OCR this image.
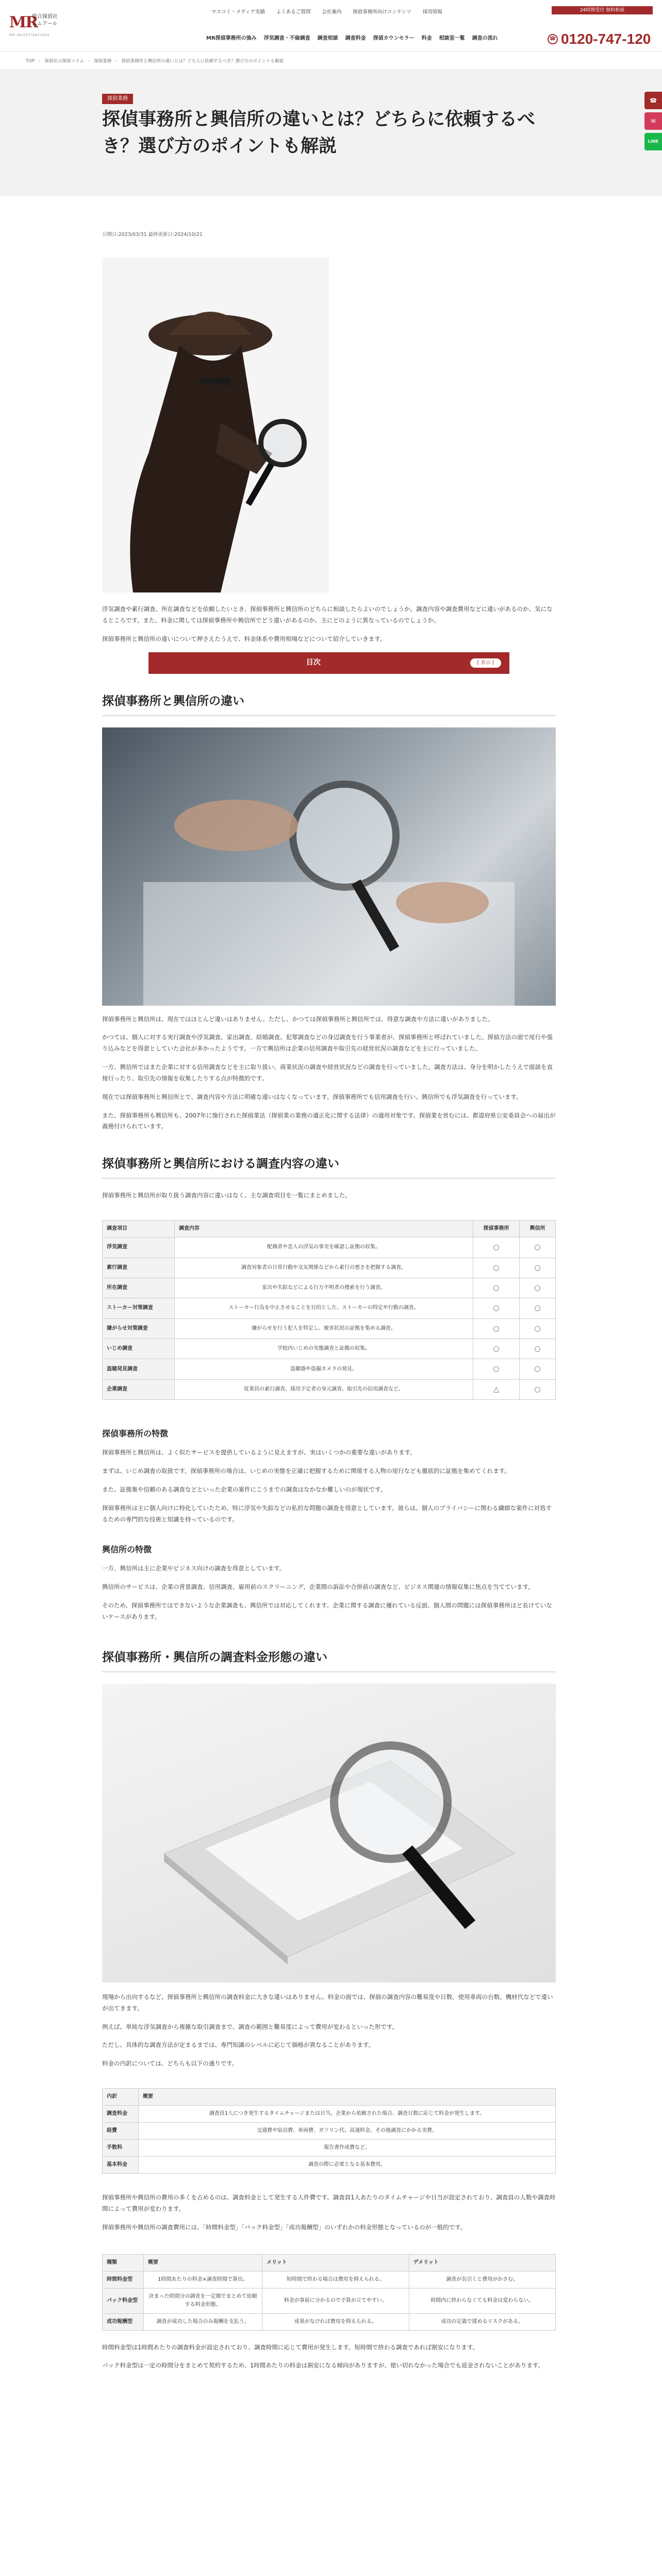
MR
総合探偵社
エムアール
MR INVESTIGATIONS
マスコミ・メディア実績 よくあるご質問 会社案内 探偵事務所向けコンテンツ 採用情報
MR探偵事務所の強み 浮気調査・不倫調査 調査相談 調査料金 探偵カウンセラー 料金 相談室一覧 調査の流れ
24時間受付 無料相談
☎ 0120-747-120
TOP › 探偵社の探偵コラム › 探偵業務 › 探偵事務所と興信所の違いとは？どちらに依頼するべき？選び方のポイントも解説
探偵業務
探偵事務所と興信所の違いとは？どちらに依頼するべき？選び方のポイントも解説
公開日:2023/03/31 最終更新日:2024/10/21
☎
✉
LINE

浮気調査や素行調査、所在調査などを依頼したいとき、探偵事務所と興信所のどちらに相談したらよいのでしょうか。調査内容や調査費用などに違いがあるのか、気になるところです。また、料金に関しては探偵事務所や興信所でどう違いがあるのか、主にどのように異なっているのでしょうか。

探偵事務所と興信所の違いについて押さえたうえで、料金体系や費用相場などについて紹介していきます。

目次	[ 表示 ]
探偵事務所と興信所の違い

探偵事務所と興信所は、現在ではほとんど違いはありません。ただし、かつては探偵事務所と興信所では、得意な調査や方法に違いがありました。

かつては、個人に対する実行調査や浮気調査、家出調査、結婚調査、犯罪調査などの身辺調査を行う事業者が、探偵事務所と呼ばれていました。探偵方法の面で尾行や張り込みなどを得意としていた会社が多かったようです。一方で興信所は企業の信用調査や取引先の経営状況の調査などを主に行っていました。

一方、興信所ではまた企業に対する信用調査などを主に取り扱い、商業状況の調査や経営状況などの調査を行っていました。調査方法は、身分を明かしたうえで面談を直接行ったり、取引先の情報を収集したりする点が特徴的です。

現在では探偵事務所と興信所とで、調査内容や方法に明確な違いはなくなっています。探偵事務所でも信用調査を行い、興信所でも浮気調査を行っています。

また、探偵事務所も興信所も、2007年に施行された探偵業法（探偵業の業務の適正化に関する法律）の適用対象です。探偵業を営むには、都道府県公安委員会への届出が義務付けられています。

探偵事務所と興信所における調査内容の違い

探偵事務所と興信所が取り扱う調査内容に違いはなく、主な調査項目を一覧にまとめました。

調査項目	調査内容	探偵事務所	興信所
浮気調査	配偶者や恋人の浮気の事実を確認し証拠の収集。	○	○
素行調査	調査対象者の日常行動や交友関係などから素行の悪さを把握する調査。	○	○
所在調査	家出や失踪などによる行方不明者の捜索を行う調査。	○	○
ストーカー対策調査	ストーカー行為を中止させることを目的とした、ストーカーの特定や行動の調査。	○	○
嫌がらせ対策調査	嫌がらせを行う犯人を特定し、被害状況の証拠を集める調査。	○	○
いじめ調査	学校内いじめの実態調査と証拠の収集。	○	○
盗聴発見調査	盗聴器や盗撮カメラの発見。	○	○
企業調査	従業員の素行調査、採用予定者の身元調査、取引先の信用調査など。	△	○
探偵事務所の特徴

探偵事務所と興信所は、よく似たサービスを提供しているように見えますが、実はいくつかの重要な違いがあります。

まずは、いじめ調査の取扱です。探偵事務所の場合は、いじめの実態を正確に把握するために関係する人物の尾行なども徹底的に証拠を集めてくれます。

また、証拠集や信頼のある調査などといった企業の案件にこうまでの調査はなかなか難しいのが現状です。

探偵事務所は主に個人向けに特化していたため、特に浮気や失踪などの私的な問題の調査を得意としています。彼らは、個人のプライバシーに関わる繊細な案件に対処するための専門的な技術と知識を持っているのです。

興信所の特徴

一方、興信所は主に企業やビジネス向けの調査を得意としています。

興信所のサービスは、企業の背景調査、信用調査、雇用前のスクリーニング、企業間の訴訟や合併前の調査など、ビジネス関連の情報収集に焦点を当てています。

そのため、探偵事務所ではできないような企業調査も、興信所では対応してくれます。企業に関する調査に優れている反面、個人間の問題には探偵事務所ほど長けていないケースがあります。

探偵事務所・興信所の調査料金形態の違い

現場から出向するなど、探偵事務所と興信所の調査料金に大きな違いはありません。料金の面では、探偵の調査内容の難易度や日数、使用車両の台数、機材代などで違いが出てきます。

例えば、単純な浮気調査から複雑な取引調査まで、調査の範囲と難易度によって費用が変わるといった形です。

ただし、具体的な調査方法が定まるまでは、専門知識のレベルに応じて価格が異なることがあります。

料金の内訳については、どちらも以下の通りです。

内訳	概要
調査料金	調査員1人につき発生するタイムチャージまたは日当。企業から依頼された場合、調査日数に応じて料金が発生します。
経費	交通費や宿泊費、車両費、ガソリン代、高速料金、その他調査にかかる実費。
手数料	報告書作成費など。
基本料金	調査の際に必要となる基本費用。

探偵事務所や興信所の費用の多くを占めるのは、調査料金として発生する人件費です。調査員1人あたりのタイムチャージや日当が設定されており、調査員の人数や調査時間によって費用が変わります。

探偵事務所や興信所の調査費用には、「時間料金型」「パック料金型」「成功報酬型」のいずれかの料金形態となっているのが一般的です。

種類	概要	メリット	デメリット
時間料金型	1時間あたりの料金×調査時間で算出。	短時間で終わる場合は費用を抑えられる。	調査が長引くと費用がかさむ。
パック料金型	決まった時間分の調査を一定額でまとめて依頼する料金形態。	料金が事前に分かるので予算が立てやすい。	時間内に終わらなくても料金は変わらない。
成功報酬型	調査が成功した場合のみ報酬を支払う。	成果がなければ費用を抑えられる。	成功の定義で揉めるリスクがある。

時間料金型は1時間あたりの調査料金が設定されており、調査時間に応じて費用が発生します。短時間で終わる調査であれば割安になります。

パック料金型は一定の時間分をまとめて契約するため、1時間あたりの料金は割安になる傾向がありますが、使い切れなかった場合でも返金されないことがあります。
